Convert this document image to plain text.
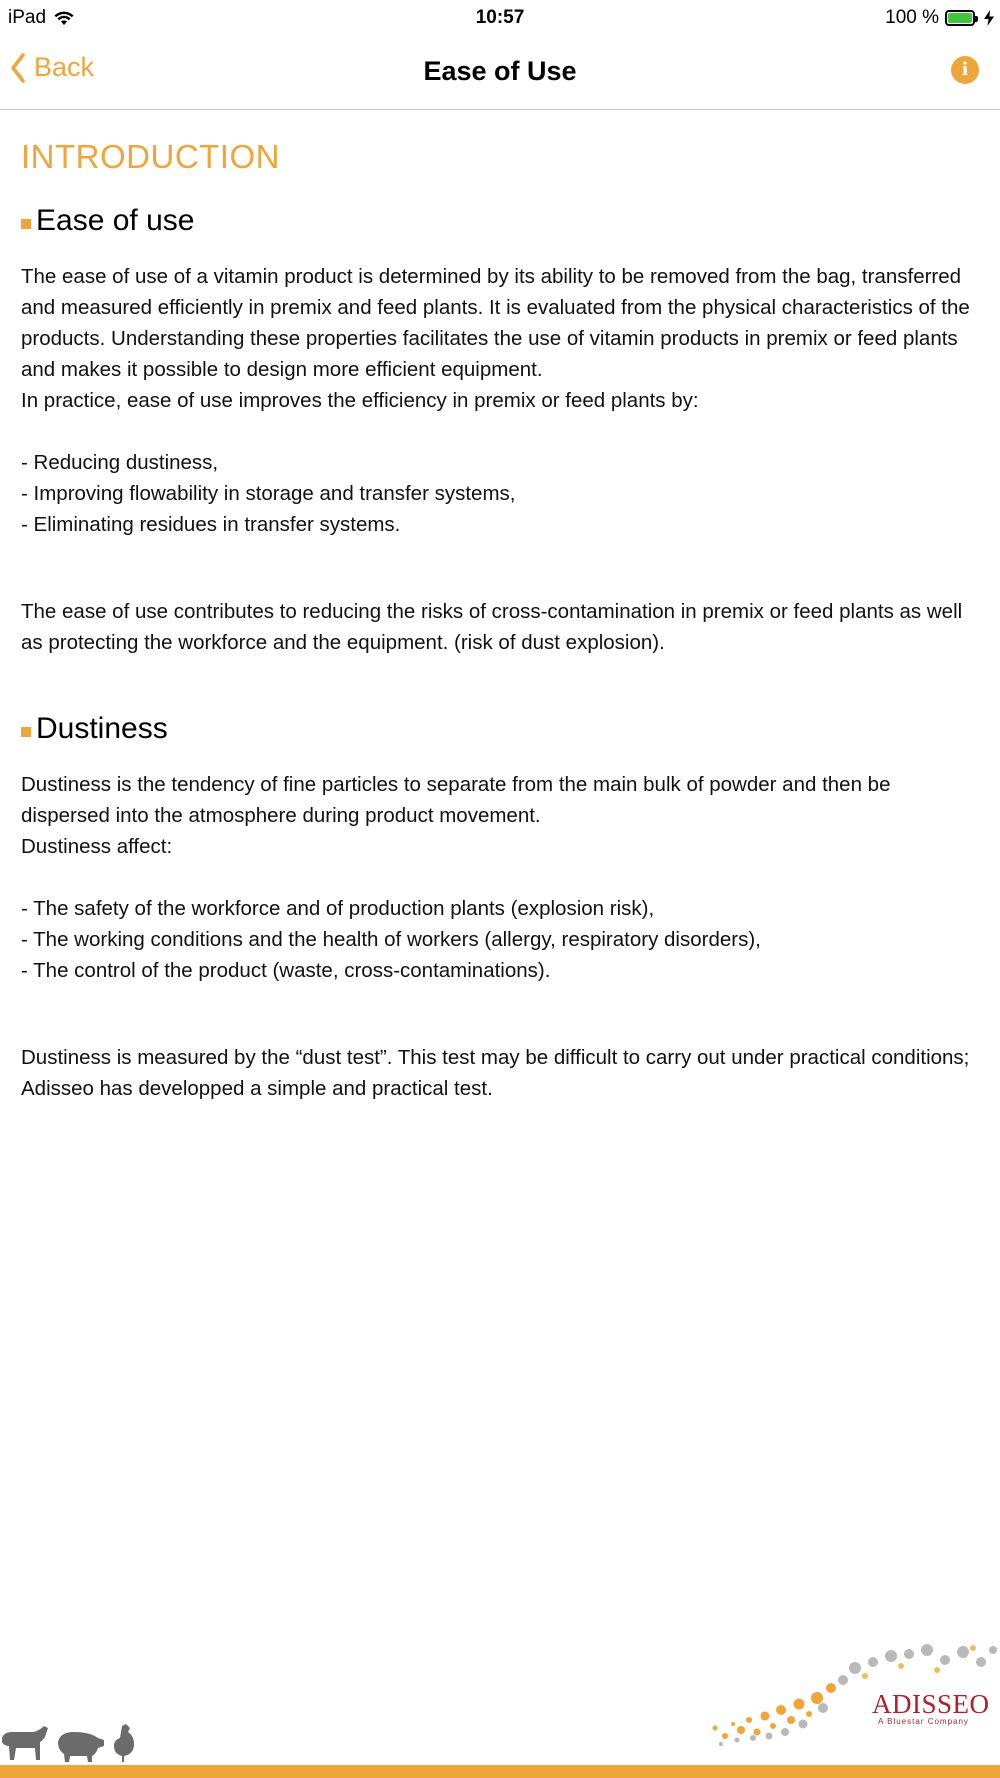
iPad	10:57	100 %
Back	Ease of Use	i
INTRODUCTION
Ease of use

The ease of use of a vitamin product is determined by its ability to be removed from the bag, transferred and measured efficiently in premix and feed plants. It is evaluated from the physical characteristics of the products. Understanding these properties facilitates the use of vitamin products in premix or feed plants and makes it possible to design more efficient equipment.

In practice, ease of use improves the efficiency in premix or feed plants by:

- Reducing dustiness,
- Improving flowability in storage and transfer systems,
- Eliminating residues in transfer systems.

The ease of use contributes to reducing the risks of cross-contamination in premix or feed plants as well as protecting the workforce and the equipment. (risk of dust explosion).

Dustiness

Dustiness is the tendency of fine particles to separate from the main bulk of powder and then be dispersed into the atmosphere during product movement.

Dustiness affect:

- The safety of the workforce and of production plants (explosion risk),
- The working conditions and the health of workers (allergy, respiratory disorders),
- The control of the product (waste, cross-contaminations).

Dustiness is measured by the “dust test”. This test may be difficult to carry out under practical conditions; Adisseo has developped a simple and practical test.

ADISSEO
A Bluestar Company
